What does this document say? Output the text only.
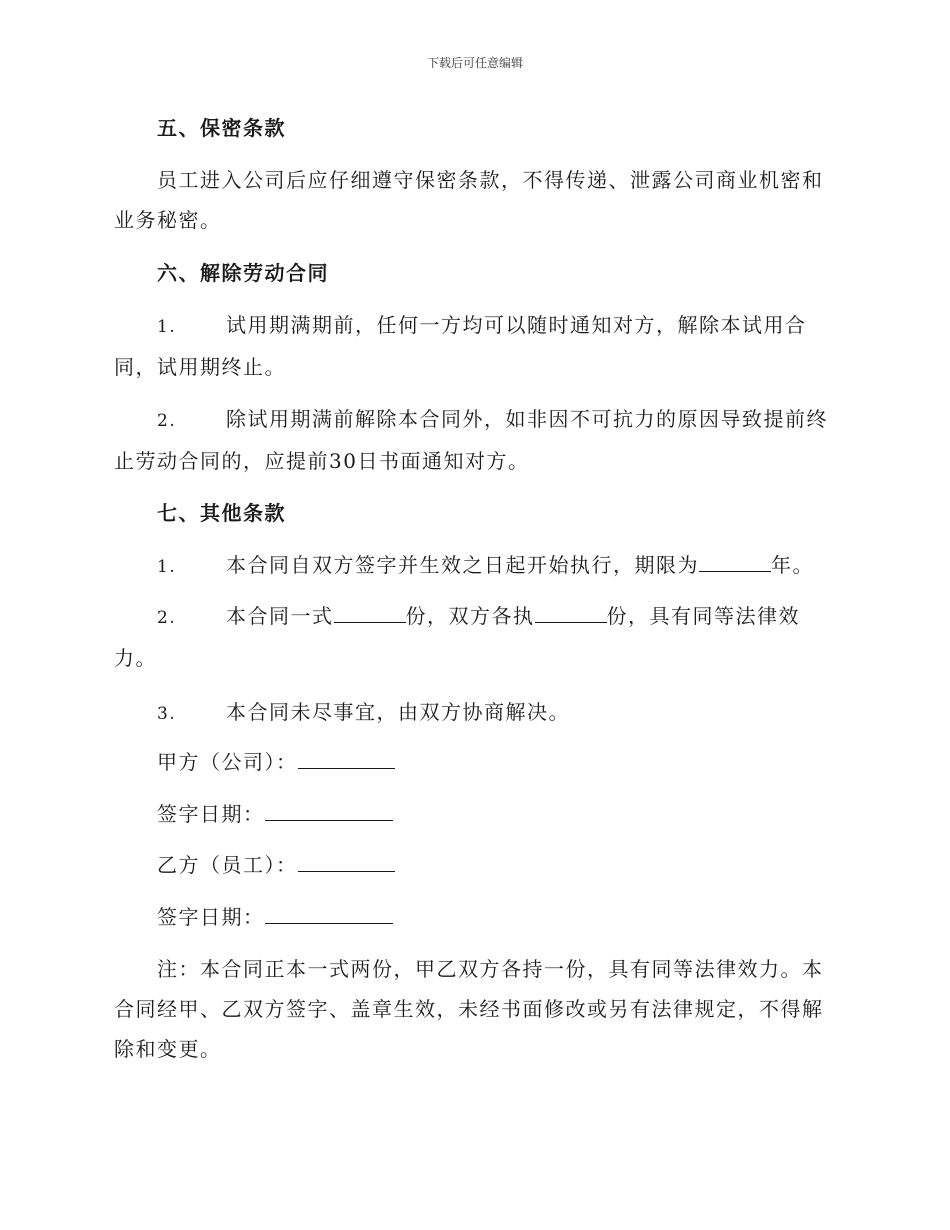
下载后可任意编辑
五、保密条款
员工进入公司后应仔细遵守保密条款，不得传递、泄露公司商业机密和业务秘密。
六、解除劳动合同
1. 试用期满期前，任何一方均可以随时通知对方，解除本试用合同，试用期终止。
2. 除试用期满前解除本合同外，如非因不可抗力的原因导致提前终止劳动合同的，应提前30日书面通知对方。
七、其他条款
1. 本合同自双方签字并生效之日起开始执行，期限为	年。
2. 本合同一式	份，双方各执	份，具有同等法律效力。
3. 本合同未尽事宜，由双方协商解决。
甲方（公司）：
签字日期：
乙方（员工）：
签字日期：
注：本合同正本一式两份，甲乙双方各持一份，具有同等法律效力。本合同经甲、乙双方签字、盖章生效，未经书面修改或另有法律规定，不得解除和变更。
